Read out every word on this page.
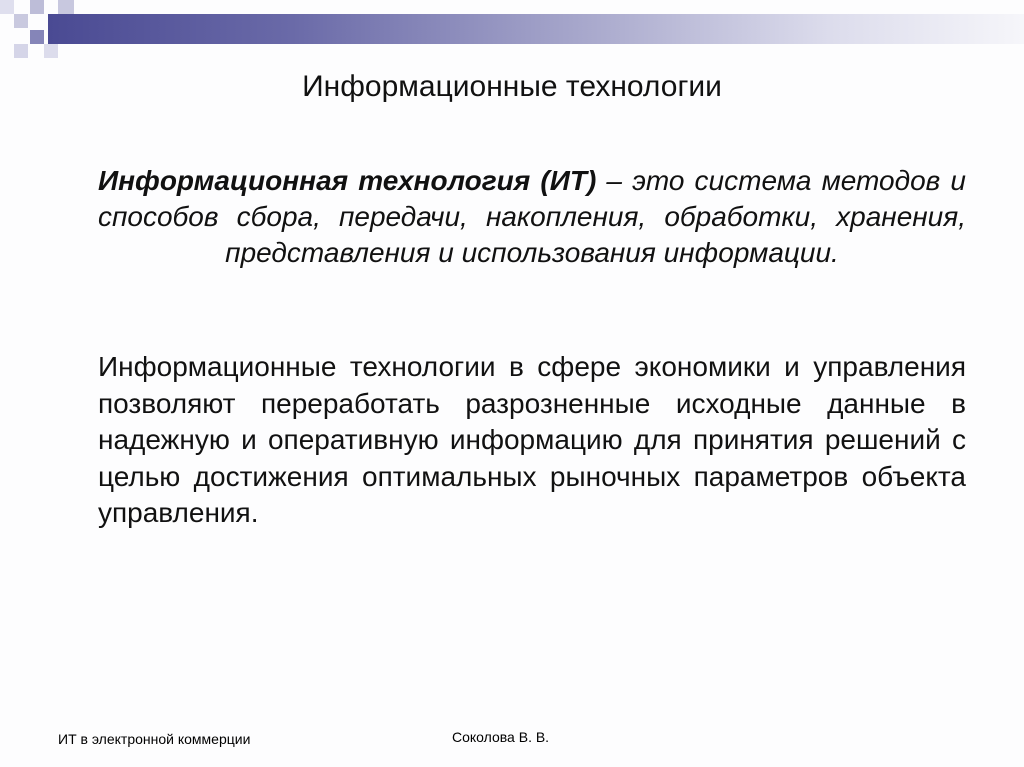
Информационные технологии
Информационная технология (ИТ) – это система методов и способов сбора, передачи, накопления, обработки, хранения, представления и использования информации.
Информационные технологии в сфере экономики и управления позволяют переработать разрозненные исходные данные в надежную и оперативную информацию для принятия решений с целью достижения оптимальных рыночных параметров объекта управления.
ИТ в электронной коммерции	Соколова В. В.
